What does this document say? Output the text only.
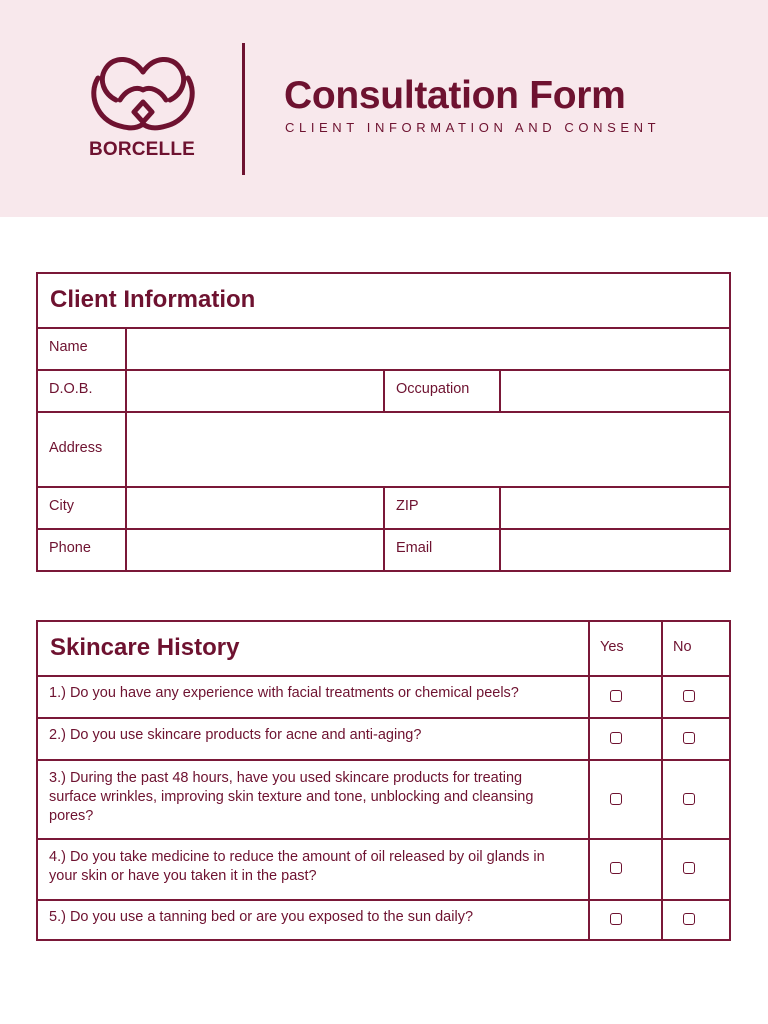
BORCELLE
Consultation Form
CLIENT INFORMATION AND CONSENT
Client Information
Name
D.O.B.	Occupation
Address
City	ZIP
Phone	Email
Skincare History	Yes	No
1.) Do you have any experience with facial treatments or chemical peels?
2.) Do you use skincare products for acne and anti-aging?
3.) During the past 48 hours, have you used skincare products for treating surface wrinkles, improving skin texture and tone, unblocking and cleansing pores?
4.) Do you take medicine to reduce the amount of oil released by oil glands in your skin or have you taken it in the past?
5.) Do you use a tanning bed or are you exposed to the sun daily?
